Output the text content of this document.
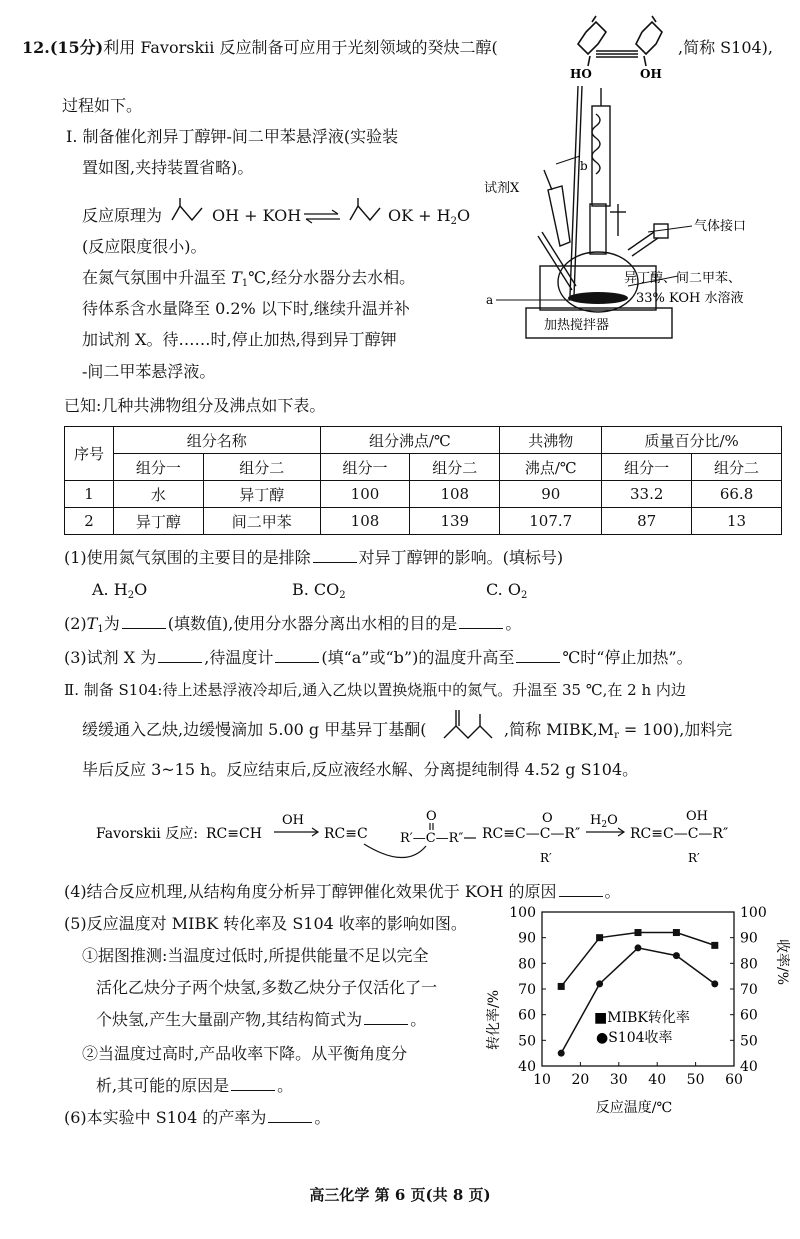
12.(15分)利用 Favorskii 反应制备可应用于光刻领域的癸炔二醇(
HO	OH
,简称 S104),
过程如下。
Ⅰ. 制备催化剂异丁醇钾-间二甲苯悬浮液(实验装
置如图,夹持装置省略)。
反应原理为	OH + KOH ⇌	OK + $H_2O$
(反应限度很小)。
在氮气氛围中升温至 $T_1℃$,经分水器分去水相。
待体系含水量降至 0.2% 以下时,继续升温并补
加试剂 X。待……时,停止加热,得到异丁醇钾
-间二甲苯悬浮液。
b
试剂X
气体接口
a
异丁醇、间二甲苯、
33% KOH 水溶液
加热搅拌器
已知:几种共沸物组分及沸点如下表。
序号	组分名称		组分沸点/℃		共沸物	质量百分比/%	
	组分一	组分二	组分一	组分二	沸点/℃	组分一	组分二
1	水	异丁醇	100	108	90	33.2	66.8
2	异丁醇	间二甲苯	108	139	107.7	87	13
(1)使用氮气氛围的主要目的是排除	对异丁醇钾的影响。(填标号)
A. $H_2O$	B. $CO_2$	C. $O_2$
$(2)T_1$为	(填数值),使用分水器分离出水相的目的是	。
(3)试剂 X 为	,待温度计	(填“a”或“b”)的温度升高至	℃时“停止加热”。
Ⅱ. 制备 S104:待上述悬浮液冷却后,通入乙炔以置换烧瓶中的氮气。升温至 35 ℃,在 2 h 内边
缓缓通入乙炔,边缓慢滴加 5.00 g 甲基异丁基酮(	,简称 $MIBK,M_r = 100$),加料完
毕后反应 3~15 h。反应结束后,反应液经水解、分离提纯制得 4.52 g S104。
Favorskii 反应: RC≡CH
OH
RC≡C
O
R′—C—R″ RC≡C—C—R″
O
R′
$H_2O$
RC≡C—C—R″
OH
R′
(4)结合反应机理,从结构角度分析异丁醇钾催化效果优于 KOH 的原因	。
(5)反应温度对 MIBK 转化率及 S104 收率的影响如图。
①据图推测:当温度过低时,所提供能量不足以完全
活化乙炔分子两个炔氢,多数乙炔分子仅活化了一
个炔氢,产生大量副产物,其结构简式为	。
②当温度过高时,产品收率下降。从平衡角度分
析,其可能的原因是	。
(6)本实验中 S104 的产率为	。
40	40
50	50
60	60
70	70
80	80
90	90
100	100
10 20 30 40 50 60
转化率/%
收率/%
反应温度/℃
■MIBK转化率
●S104收率
高三化学 第 6 页(共 8 页)
